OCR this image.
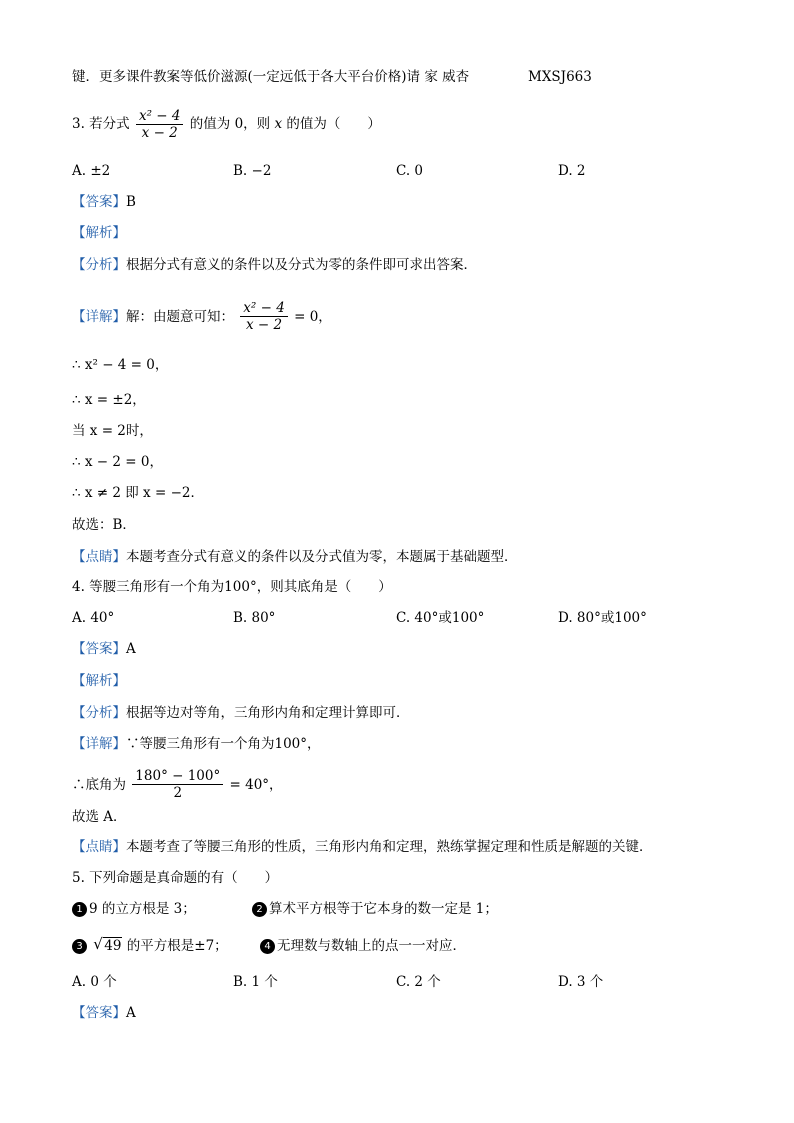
键．更多课件教案等低价滋源(一定远低于各大平台价格)请 家 威杏	MXSJ663
3. 若分式 $\frac{\text{x² − 4}}{x - 2}$ 的值为 0，则 x 的值为（　　）
A. ±2	B. −2	C. 0	D. 2
【答案】B
【解析】
【分析】根据分式有意义的条件以及分式为零的条件即可求出答案．
【详解】解：由题意可知： $\frac{\text{x² − 4}}{x - 2} = 0$，
∴ x² − 4 = 0，
∴ x = ±2，
当 x = 2时，
∴ x − 2 = 0，
∴ x ≠ 2 即 x = −2．
故选：B．
【点睛】本题考查分式有意义的条件以及分式值为零，本题属于基础题型．
4. 等腰三角形有一个角为100°，则其底角是（　　）
A. 40°	B. 80°	C. 40°或100°	D. 80°或100°
【答案】A
【解析】
【分析】根据等边对等角，三角形内角和定理计算即可．
【详解】∵等腰三角形有一个角为100°，
∴底角为 $\frac{180^\circ - 100^\circ}{2} = 40^\circ$，
故选 A．
【点睛】本题考查了等腰三角形的性质，三角形内角和定理，熟练掌握定理和性质是解题的关键．
5. 下列命题是真命题的有（　　）
1 9 的立方根是 3；	2 算术平方根等于它本身的数一定是 1；
3 √ 49 的平方根是±7；	4 无理数与数轴上的点一一对应．
A. 0 个	B. 1 个	C. 2 个	D. 3 个
【答案】A
